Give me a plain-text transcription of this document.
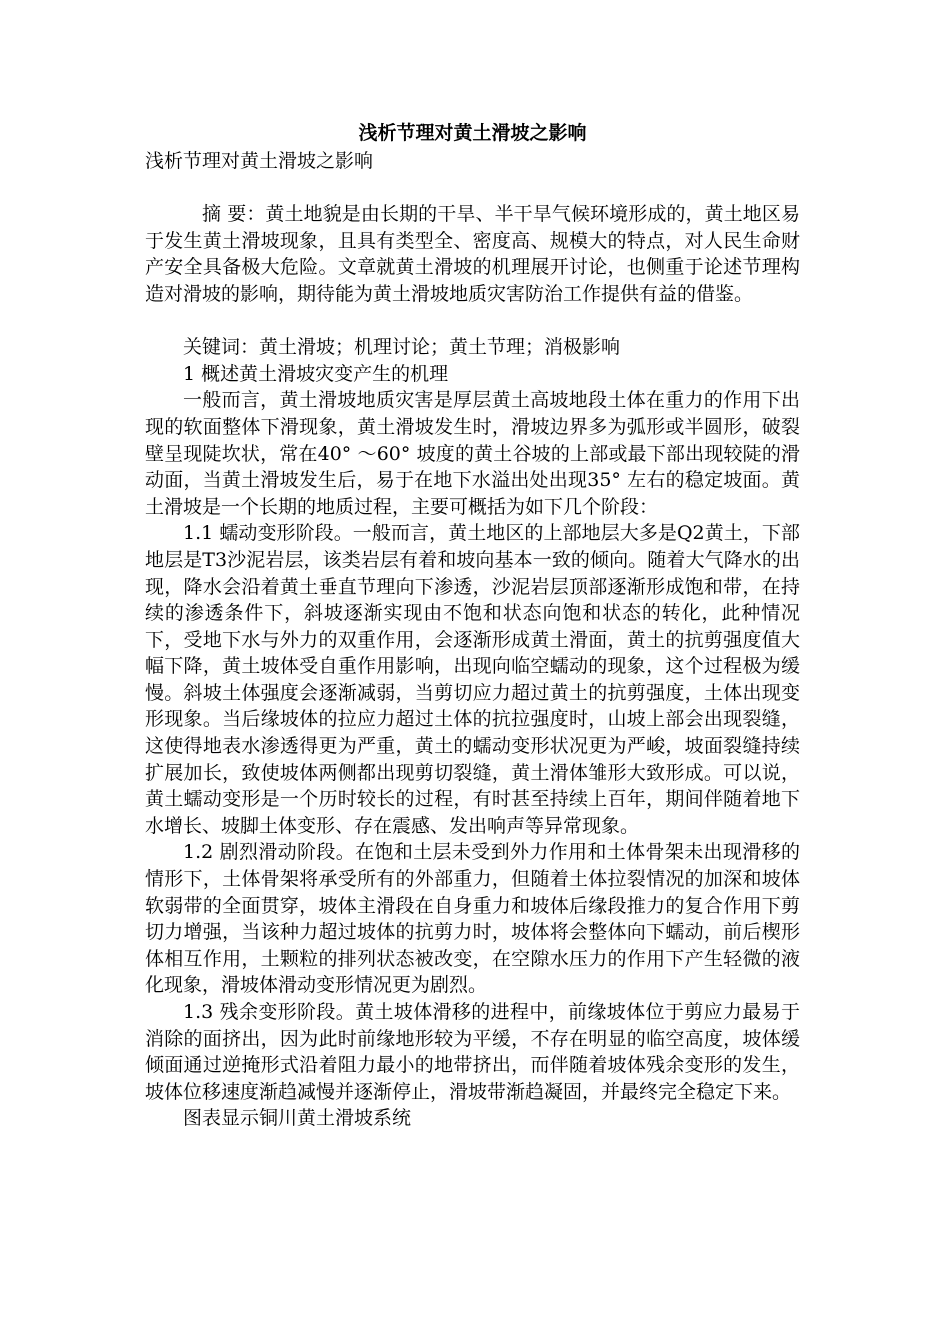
浅析节理对黄土滑坡之影响

浅析节理对黄土滑坡之影响

摘 要：黄土地貌是由长期的干旱、半干旱气候环境形成的，黄土地区易于发生黄土滑坡现象，且具有类型全、密度高、规模大的特点，对人民生命财产安全具备极大危险。文章就黄土滑坡的机理展开讨论，也侧重于论述节理构造对滑坡的影响，期待能为黄土滑坡地质灾害防治工作提供有益的借鉴。

关键词：黄土滑坡；机理讨论；黄土节理；消极影响

1 概述黄土滑坡灾变产生的机理

一般而言，黄土滑坡地质灾害是厚层黄土高坡地段土体在重力的作用下出现的软面整体下滑现象，黄土滑坡发生时，滑坡边界多为弧形或半圆形，破裂壁呈现陡坎状，常在40° ～60° 坡度的黄土谷坡的上部或最下部出现较陡的滑动面，当黄土滑坡发生后，易于在地下水溢出处出现35° 左右的稳定坡面。黄土滑坡是一个长期的地质过程，主要可概括为如下几个阶段：

1.1 蠕动变形阶段。一般而言，黄土地区的上部地层大多是Q2黄土，下部地层是T3沙泥岩层，该类岩层有着和坡向基本一致的倾向。随着大气降水的出现，降水会沿着黄土垂直节理向下渗透，沙泥岩层顶部逐渐形成饱和带，在持续的渗透条件下，斜坡逐渐实现由不饱和状态向饱和状态的转化，此种情况下，受地下水与外力的双重作用，会逐渐形成黄土滑面，黄土的抗剪强度值大幅下降，黄土坡体受自重作用影响，出现向临空蠕动的现象，这个过程极为缓慢。斜坡土体强度会逐渐减弱，当剪切应力超过黄土的抗剪强度，土体出现变形现象。当后缘坡体的拉应力超过土体的抗拉强度时，山坡上部会出现裂缝，这使得地表水渗透得更为严重，黄土的蠕动变形状况更为严峻，坡面裂缝持续扩展加长，致使坡体两侧都出现剪切裂缝，黄土滑体雏形大致形成。可以说，黄土蠕动变形是一个历时较长的过程，有时甚至持续上百年，期间伴随着地下水增长、坡脚土体变形、存在震感、发出响声等异常现象。

1.2 剧烈滑动阶段。在饱和土层未受到外力作用和土体骨架未出现滑移的情形下，土体骨架将承受所有的外部重力，但随着土体拉裂情况的加深和坡体软弱带的全面贯穿，坡体主滑段在自身重力和坡体后缘段推力的复合作用下剪切力增强，当该种力超过坡体的抗剪力时，坡体将会整体向下蠕动，前后楔形体相互作用，土颗粒的排列状态被改变，在空隙水压力的作用下产生轻微的液化现象，滑坡体滑动变形情况更为剧烈。

1.3 残余变形阶段。黄土坡体滑移的进程中，前缘坡体位于剪应力最易于消除的面挤出，因为此时前缘地形较为平缓，不存在明显的临空高度，坡体缓倾面通过逆掩形式沿着阻力最小的地带挤出，而伴随着坡体残余变形的发生，坡体位移速度渐趋减慢并逐渐停止，滑坡带渐趋凝固，并最终完全稳定下来。

图表显示铜川黄土滑坡系统
